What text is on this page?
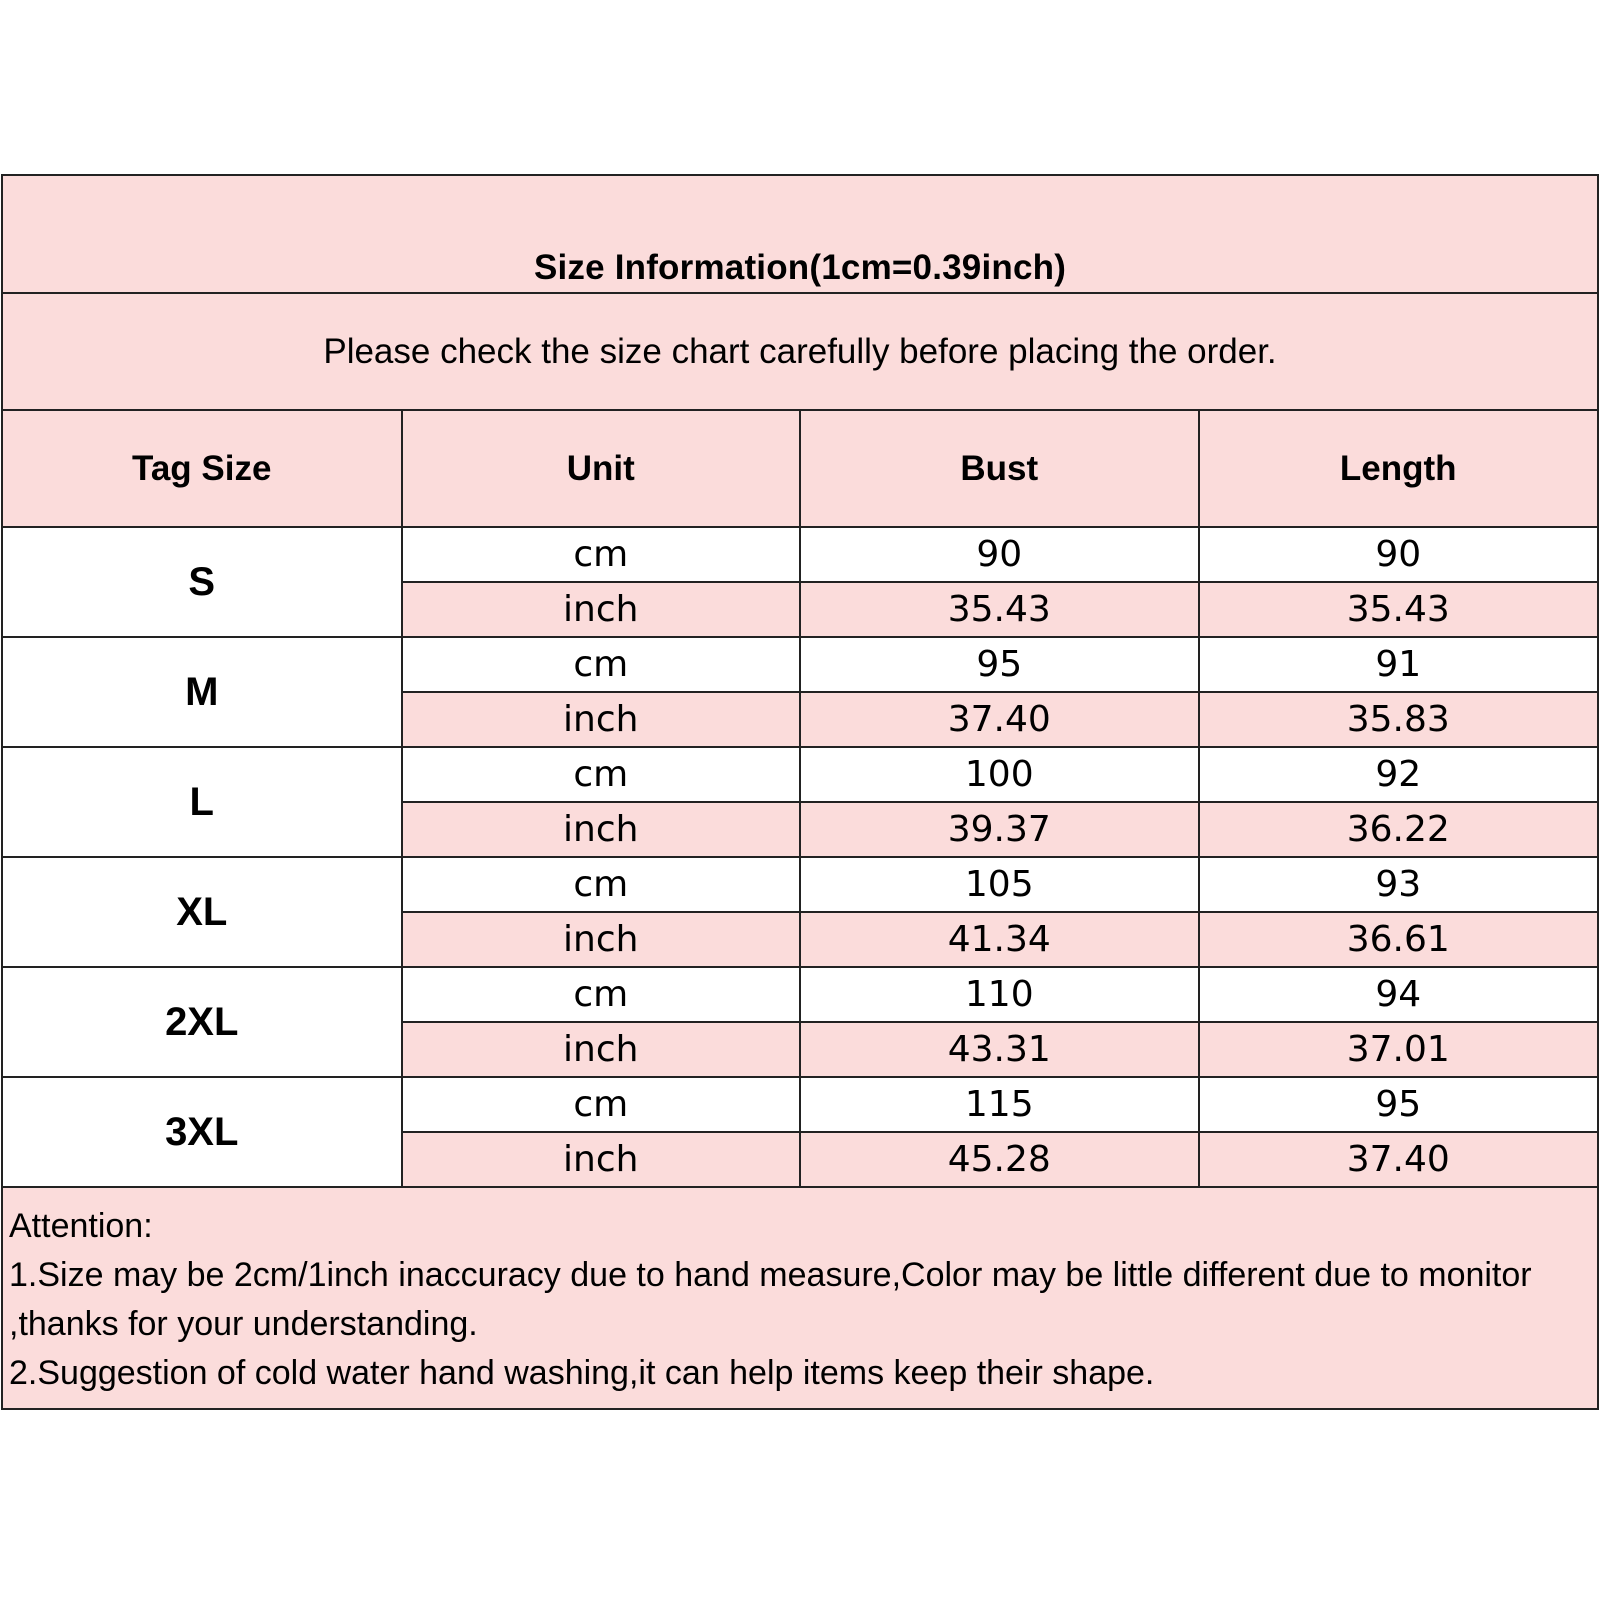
Size Information(1cm=0.39inch)
Please check the size chart carefully before placing the order.
Tag Size	Unit	Bust	Length
S	cm	90	90
	inch	35.43	35.43
M	cm	95	91
	inch	37.40	35.83
L	cm	100	92
	inch	39.37	36.22
XL	cm	105	93
	inch	41.34	36.61
2XL	cm	110	94
	inch	43.31	37.01
3XL	cm	115	95
	inch	45.28	37.40

Attention:

1.Size may be 2cm/1inch inaccuracy due to hand measure,Color may be little different due to monitor ,thanks for your understanding.

2.Suggestion of cold water hand washing,it can help items keep their shape.
